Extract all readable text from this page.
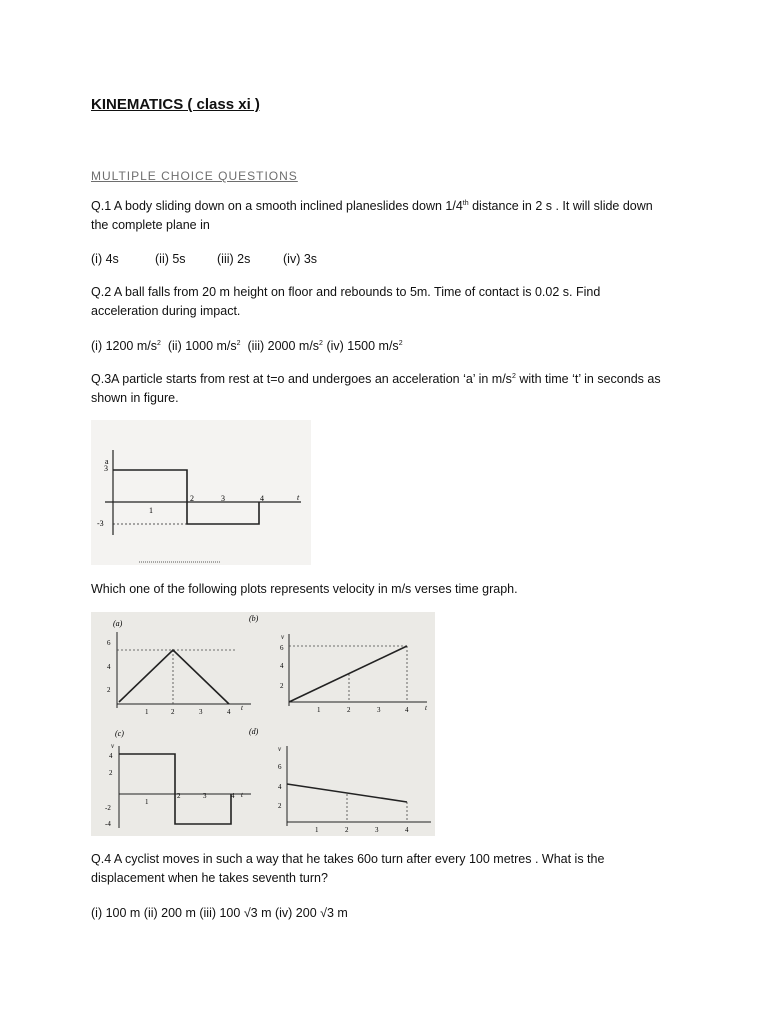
KINEMATICS ( class xi )
MULTIPLE CHOICE QUESTIONS
Q.1 A body sliding down on a smooth inclined planeslides down 1/4th distance in 2 s . It will slide down
the complete plane in
(i) 4s	(ii) 5s	(iii) 2s	(iv) 3s
Q.2 A ball falls from 20 m height on floor and rebounds to 5m. Time of contact is 0.02 s. Find
acceleration during impact.
(i) 1200 $m/s^2$ (ii) 1000 $m/s^2$ (iii) 2000 $m/s^2$ (iv) 1500 $m/s^2$
Q.3A particle starts from rest at t=o and undergoes an acceleration ‘a’ in $m/s^2$ with time ‘t’ in seconds as
shown in figure.
a
t
3
-3
1
2	3	4
Which one of the following plots represents velocity in m/s verses time graph.
(a)
6
4
2
1	2	3	4 t
(b)
v
6
4
2
1	2	3	4 t
(c)
v
4
2
-2
-4
1
2	3	4 t
(d)
v
6
4
2
1	2	3	4
Q.4 A cyclist moves in such a way that he takes 60o turn after every 100 metres . What is the
displacement when he takes seventh turn?
(i) 100 m (ii) 200 m (iii) 100 √3 m (iv) 200 √3 m
